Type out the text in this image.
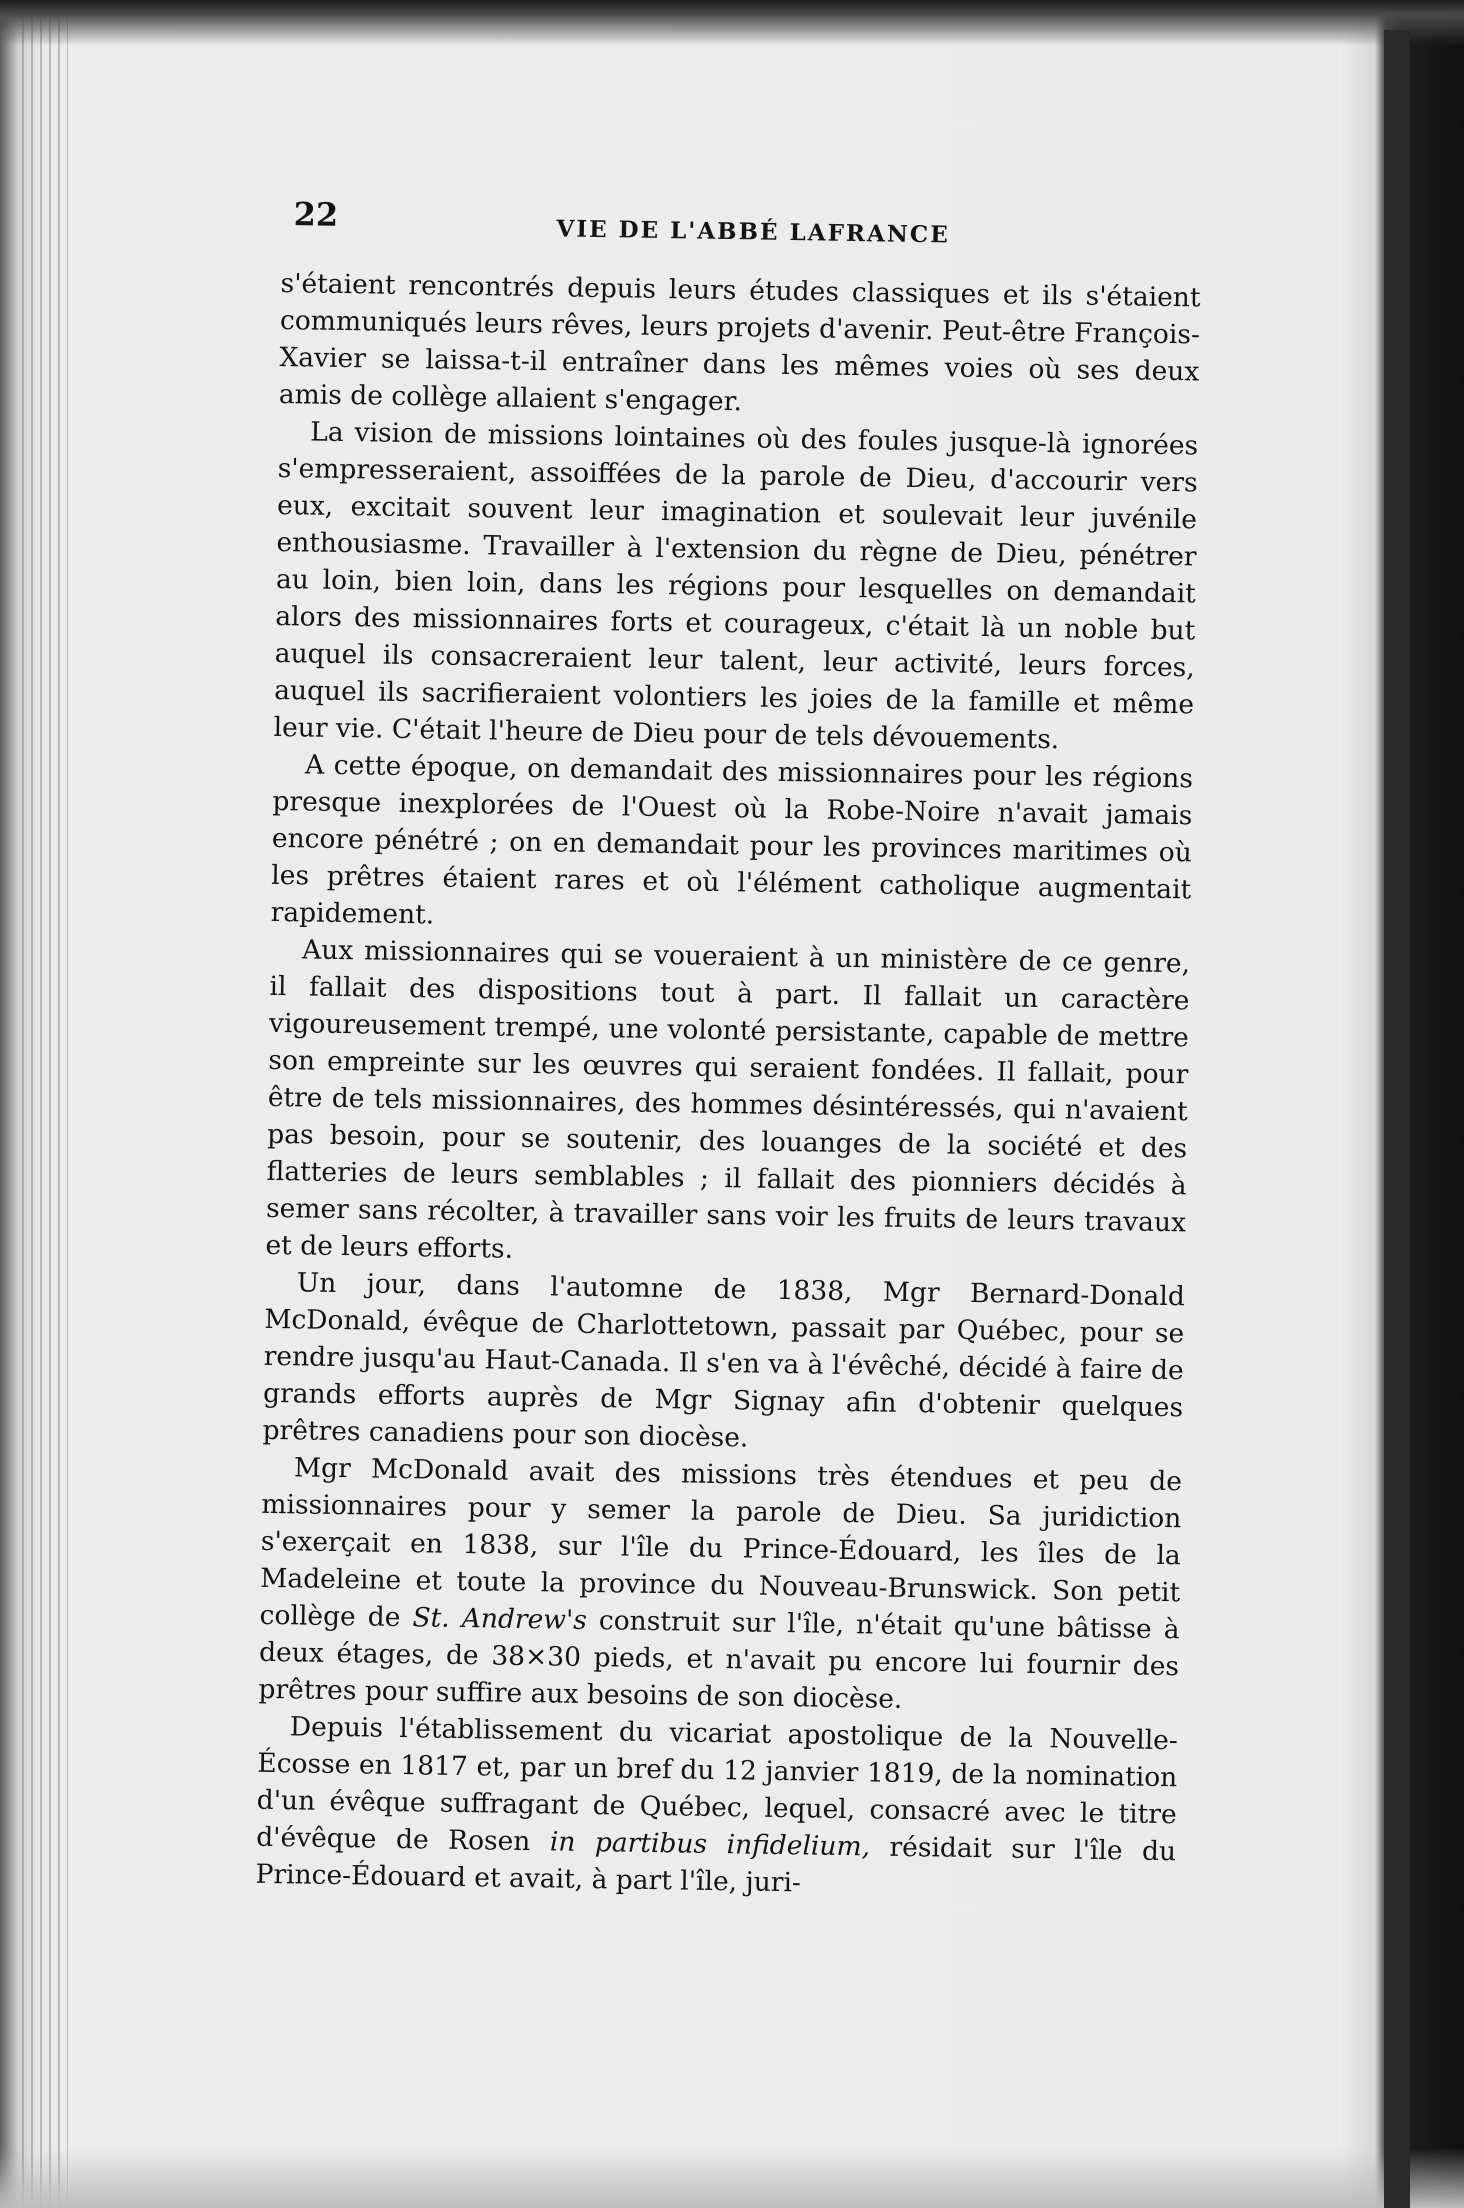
22	VIE DE L'ABBÉ LAFRANCE

s'étaient rencontrés depuis leurs études classiques et ils s'étaient communiqués leurs rêves, leurs projets d'avenir. Peut-être François-Xavier se laissa-t-il entraîner dans les mêmes voies où ses deux amis de collège allaient s'engager.

La vision de missions lointaines où des foules jusque-là ignorées s'empresseraient, assoiffées de la parole de Dieu, d'accourir vers eux, excitait souvent leur imagination et soulevait leur juvénile enthousiasme. Travailler à l'extension du règne de Dieu, pénétrer au loin, bien loin, dans les régions pour lesquelles on demandait alors des missionnaires forts et courageux, c'était là un noble but auquel ils consacreraient leur talent, leur activité, leurs forces, auquel ils sacrifieraient volontiers les joies de la famille et même leur vie. C'était l'heure de Dieu pour de tels dévouements.

A cette époque, on demandait des missionnaires pour les régions presque inexplorées de l'Ouest où la Robe-Noire n'avait jamais encore pénétré ; on en demandait pour les provinces maritimes où les prêtres étaient rares et où l'élément catholique augmentait rapidement.

Aux missionnaires qui se voueraient à un ministère de ce genre, il fallait des dispositions tout à part. Il fallait un caractère vigoureusement trempé, une volonté persistante, capable de mettre son empreinte sur les œuvres qui seraient fondées. Il fallait, pour être de tels missionnaires, des hommes désintéressés, qui n'avaient pas besoin, pour se soutenir, des louanges de la société et des flatteries de leurs semblables ; il fallait des pionniers décidés à semer sans récolter, à travailler sans voir les fruits de leurs travaux et de leurs efforts.

Un jour, dans l'automne de 1838, Mgr Bernard-Donald McDonald, évêque de Charlottetown, passait par Québec, pour se rendre jusqu'au Haut-Canada. Il s'en va à l'évêché, décidé à faire de grands efforts auprès de Mgr Signay afin d'obtenir quelques prêtres canadiens pour son diocèse.

Mgr McDonald avait des missions très étendues et peu de missionnaires pour y semer la parole de Dieu. Sa juridiction s'exerçait en 1838, sur l'île du Prince-Édouard, les îles de la Madeleine et toute la province du Nouveau-Brunswick. Son petit collège de St. Andrew's construit sur l'île, n'était qu'une bâtisse à deux étages, de 38×30 pieds, et n'avait pu encore lui fournir des prêtres pour suffire aux besoins de son diocèse.

Depuis l'établissement du vicariat apostolique de la Nouvelle-Écosse en 1817 et, par un bref du 12 janvier 1819, de la nomination d'un évêque suffragant de Québec, lequel, consacré avec le titre d'évêque de Rosen in partibus infidelium, résidait sur l'île du Prince-Édouard et avait, à part l'île, juri-
